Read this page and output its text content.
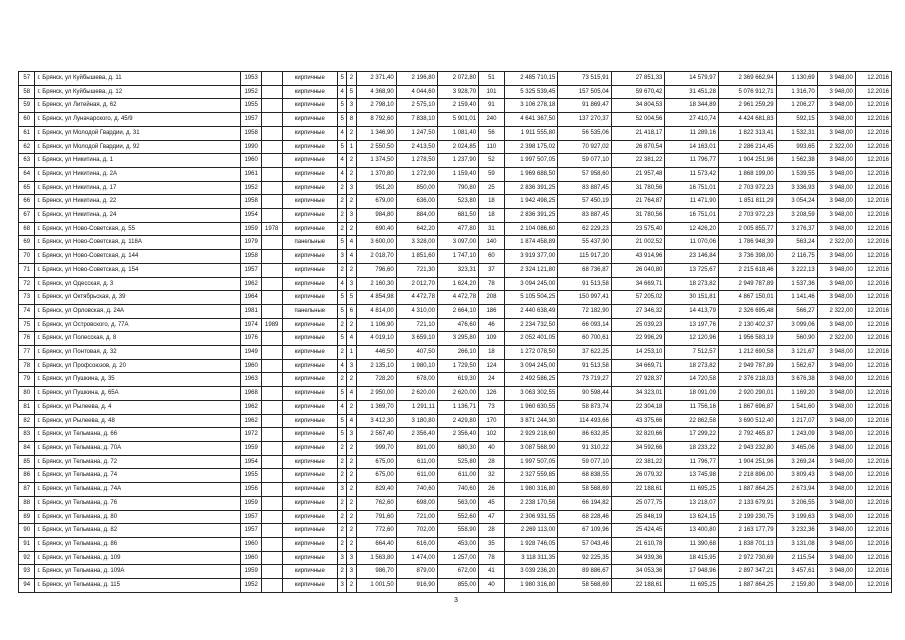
57	г. Брянск, ул Куйбышева, д. 11	1953		кирпичные	5	2	2 371,40	2 196,80	2 072,80	51	2 485 710,15	73 515,91	27 851,33	14 579,97	2 369 662,94	1 130,69	3 948,00	12.2016
58	г. Брянск, ул Куйбышева, д. 12	1952		кирпичные	4	5	4 368,90	4 044,60	3 928,70	101	5 325 539,45	157 505,04	59 670,42	31 451,28	5 076 912,71	1 316,70	3 948,00	12.2016
59	г. Брянск, ул Литейная, д. 62	1955		кирпичные	5	3	2 798,10	2 575,10	2 159,40	91	3 106 278,18	91 869,47	34 804,53	18 344,89	2 961 259,29	1 206,27	3 948,00	12.2016
60	г. Брянск, ул Луначарского, д. 45/9	1957		кирпичные	5	8	8 792,60	7 838,10	5 901,01	240	4 641 367,50	137 270,37	52 004,56	27 410,74	4 424 681,83	592,15	3 948,00	12.2016
61	г. Брянск, ул Молодой Гвардии, д. 31	1958		кирпичные	4	2	1 346,90	1 247,50	1 081,40	56	1 911 555,80	56 535,06	21 418,17	11 289,16	1 822 313,41	1 532,31	3 948,00	12.2016
62	г. Брянск, ул Молодой Гвардии, д. 92	1990		кирпичные	5	1	2 550,50	2 413,50	2 024,85	110	2 398 175,02	70 927,02	26 870,54	14 163,01	2 286 214,45	993,65	2 322,00	12.2016
63	г. Брянск, ул Никитина, д. 1	1960		кирпичные	4	2	1 374,50	1 278,50	1 237,90	52	1 997 507,05	59 077,10	22 381,22	11 796,77	1 904 251,96	1 562,38	3 948,00	12.2016
64	г. Брянск, ул Никитина, д. 2А	1961		кирпичные	4	2	1 370,80	1 272,90	1 159,40	59	1 969 688,50	57 958,60	21 957,48	11 573,42	1 868 199,00	1 539,55	3 948,00	12.2016
65	г. Брянск, ул Никитина, д. 17	1952		кирпичные	2	3	951,20	850,00	790,80	25	2 836 391,25	83 887,45	31 780,56	16 751,01	2 703 972,23	3 336,93	3 948,00	12.2016
66	г. Брянск, ул Никитина, д. 22	1958		кирпичные	2	2	679,00	636,00	523,80	18	1 942 498,25	57 450,19	21 764,87	11 471,90	1 851 811,29	3 054,24	3 948,00	12.2016
67	г. Брянск, ул Никитина, д. 24	1954		кирпичные	2	3	984,80	884,00	681,50	18	2 836 391,25	83 887,45	31 780,56	16 751,01	2 703 972,23	3 208,59	3 948,00	12.2016
68	г. Брянск, ул Ново-Советская, д. 55	1959	1978	кирпичные	2	2	690,40	642,20	477,80	31	2 104 086,60	62 229,23	23 575,40	12 426,20	2 005 855,77	3 276,37	3 948,00	12.2016
69	г. Брянск, ул Ново-Советская, д. 118А	1979		панельные	5	4	3 600,00	3 328,00	3 097,00	140	1 874 458,89	55 437,90	21 002,52	11 070,06	1 786 948,39	563,24	2 322,00	12.2016
70	г. Брянск, ул Ново-Советская, д. 144	1958		кирпичные	3	4	2 018,70	1 851,60	1 747,10	60	3 919 377,00	115 917,20	43 914,96	23 146,84	3 736 398,00	2 116,75	3 948,00	12.2016
71	г. Брянск, ул Ново-Советская, д. 154	1957		кирпичные	2	2	796,60	721,30	323,31	37	2 324 121,80	68 736,87	26 040,80	13 725,67	2 215 618,46	3 222,13	3 948,00	12.2016
72	г. Брянск, ул Одесская, д. 3	1962		кирпичные	4	3	2 160,30	2 012,70	1 624,20	78	3 094 245,00	91 513,58	34 669,71	18 273,82	2 949 787,89	1 537,36	3 948,00	12.2016
73	г. Брянск, ул Октябрьская, д. 39	1964		кирпичные	5	5	4 854,98	4 472,78	4 472,78	208	5 105 504,25	150 997,41	57 205,02	30 151,81	4 867 150,01	1 141,46	3 948,00	12.2016
74	г. Брянск, ул Орловская, д. 24А	1981		панельные	5	6	4 814,00	4 310,00	2 664,10	186	2 440 638,49	72 182,90	27 346,32	14 413,79	2 326 695,48	566,27	2 322,00	12.2016
75	г. Брянск, ул Островского, д. 77А	1974	1989	кирпичные	2	2	1 106,90	721,10	476,60	46	2 234 732,50	66 093,14	25 039,23	13 197,76	2 130 402,37	3 099,06	3 948,00	12.2016
76	г. Брянск, ул Полесская, д. 8	1976		кирпичные	5	4	4 019,10	3 659,10	3 295,80	109	2 052 401,05	60 700,61	22 996,29	12 120,96	1 956 583,19	560,90	2 322,00	12.2016
77	г. Брянск, ул Понтовая, д. 32	1949		кирпичные	2	1	446,50	407,50	266,10	18	1 272 078,50	37 622,25	14 253,10	7 512,57	1 212 690,58	3 121,67	3 948,00	12.2016
78	г. Брянск, ул Профсоюзов, д. 20	1960		кирпичные	4	3	2 135,10	1 980,10	1 729,50	124	3 094 245,00	91 513,58	34 669,71	18 273,82	2 949 787,89	1 562,67	3 948,00	12.2016
79	г. Брянск, ул Пушкина, д. 35	1963		кирпичные	2	2	728,20	678,00	619,30	24	2 492 586,25	73 719,27	27 928,37	14 720,58	2 376 218,03	3 676,38	3 948,00	12.2016
80	г. Брянск, ул Пушкина, д. 65А	1968		кирпичные	5	4	2 950,00	2 620,00	2 620,00	126	3 063 302,55	90 598,44	34 323,01	18 091,09	2 920 290,01	1 169,20	3 948,00	12.2016
81	г. Брянск, ул Рылеева, д. 4	1962		кирпичные	4	2	1 369,70	1 291,11	1 136,71	73	1 960 630,55	58 873,74	22 304,18	11 756,16	1 867 696,87	1 541,60	3 948,00	12.2016
82	г. Брянск, ул Рылеева, д. 48	1962		кирпичные	5	4	3 412,30	3 180,80	2 429,80	170	3 871 244,30	114 493,66	43 375,66	22 862,58	3 690 512,40	1 217,07	3 948,00	12.2016
83	г. Брянск, ул Тельмана, д. 66	1972		кирпичные	5	3	2 567,40	2 356,40	2 356,40	102	2 929 218,60	86 632,85	32 820,66	17 299,22	2 792 465,87	1 243,09	3 948,00	12.2016
84	г. Брянск, ул Тельмана, д. 70А	1959		кирпичные	2	2	999,70	891,00	680,30	40	3 087 568,90	91 310,22	34 592,66	18 233,22	2 943 232,80	3 465,06	3 948,00	12.2016
85	г. Брянск, ул Тельмана, д. 72	1954		кирпичные	2	2	675,00	611,00	525,80	28	1 997 507,05	59 077,10	22 381,22	11 796,77	1 904 251,96	3 269,24	3 948,00	12.2016
86	г. Брянск, ул Тельмана, д. 74	1955		кирпичные	2	2	675,00	611,00	611,00	32	2 327 559,85	68 838,55	26 079,32	13 745,98	2 218 896,00	3 809,43	3 948,00	12.2016
87	г. Брянск, ул Тельмана, д. 74А	1956		кирпичные	3	2	829,40	740,60	740,60	26	1 980 316,80	58 568,69	22 188,61	11 695,25	1 887 864,25	2 673,94	3 948,00	12.2016
88	г. Брянск, ул Тельмана, д. 76	1959		кирпичные	2	2	762,60	698,00	563,00	45	2 238 170,56	66 194,82	25 077,75	13 218,07	2 133 679,91	3 206,55	3 948,00	12.2016
89	г. Брянск, ул Тельмана, д. 80	1957		кирпичные	2	2	791,60	721,00	552,60	47	2 306 931,55	68 228,46	25 848,19	13 624,15	2 199 230,75	3 199,63	3 948,00	12.2016
90	г. Брянск, ул Тельмана, д. 82	1957		кирпичные	2	2	772,60	702,00	558,90	28	2 269 113,00	67 109,96	25 424,45	13 400,80	2 163 177,79	3 232,36	3 948,00	12.2016
91	г. Брянск, ул Тельмана, д. 86	1960		кирпичные	2	2	664,40	616,00	453,00	35	1 928 746,05	57 043,46	21 610,78	11 390,68	1 838 701,13	3 131,08	3 948,00	12.2016
92	г. Брянск, ул Тельмана, д. 109	1960		кирпичные	3	3	1 563,80	1 474,00	1 257,00	78	3 118 311,35	92 225,35	34 939,36	18 415,95	2 972 730,69	2 115,54	3 948,00	12.2016
93	г. Брянск, ул Тельмана, д. 109А	1959		кирпичные	2	3	986,70	879,00	672,00	41	3 039 236,20	89 886,67	34 053,36	17 948,96	2 897 347,21	3 457,61	3 948,00	12.2016
94	г. Брянск, ул Тельмана, д. 115	1952		кирпичные	3	2	1 001,50	916,90	855,00	40	1 980 316,80	58 568,69	22 188,61	11 695,25	1 887 864,25	2 159,80	3 948,00	12.2016
3
